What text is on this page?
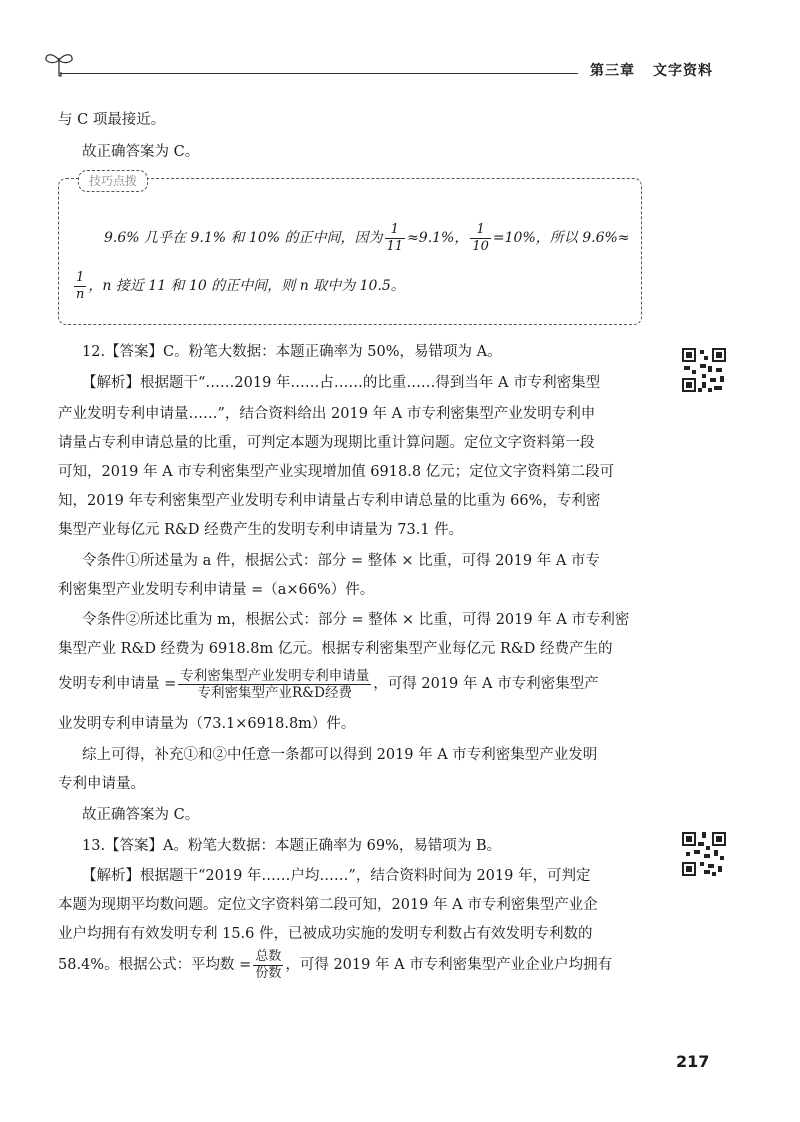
第三章 文字资料
与 C 项最接近。
故正确答案为 C。
技巧点拨
9.6% 几乎在 9.1% 和 10% 的正中间，因为 $\frac{1}{11} \approx 9.1\%$， $\frac{1}{10} =10\%$，所以 9.6%≈
$\frac{1}{n}$ ，n 接近 11 和 10 的正中间，则 n 取中为 10.5。
12.【答案】C。粉笔大数据：本题正确率为 50%，易错项为 A。
【解析】根据题干“……2019 年……占……的比重……得到当年 A 市专利密集型
产业发明专利申请量……”，结合资料给出 2019 年 A 市专利密集型产业发明专利申
请量占专利申请总量的比重，可判定本题为现期比重计算问题。定位文字资料第一段
可知，2019 年 A 市专利密集型产业实现增加值 6918.8 亿元；定位文字资料第二段可
知，2019 年专利密集型产业发明专利申请量占专利申请总量的比重为 66%，专利密
集型产业每亿元 R&D 经费产生的发明专利申请量为 73.1 件。
令条件①所述量为 a 件，根据公式：部分 = 整体 × 比重，可得 2019 年 A 市专
利密集型产业发明专利申请量 =（a×66%）件。
令条件②所述比重为 m，根据公式：部分 = 整体 × 比重，可得 2019 年 A 市专利密
集型产业 R&D 经费为 6918.8m 亿元。根据专利密集型产业每亿元 R&D 经费产生的
发明专利申请量 = $\frac{\text{专利密集型产业发明专利申请量}}{\text{专利密集型产业R\&D经费}}$ ，可得 2019 年 A 市专利密集型产
业发明专利申请量为（73.1×6918.8m）件。
综上可得，补充①和②中任意一条都可以得到 2019 年 A 市专利密集型产业发明
专利申请量。
故正确答案为 C。
13.【答案】A。粉笔大数据：本题正确率为 69%，易错项为 B。
【解析】根据题干“2019 年……户均……”，结合资料时间为 2019 年，可判定
本题为现期平均数问题。定位文字资料第二段可知，2019 年 A 市专利密集型产业企
业户均拥有有效发明专利 15.6 件，已被成功实施的发明专利数占有效发明专利数的
58.4%。根据公式：平均数 = $\frac{\text{总数}}{\text{份数}}$ ，可得 2019 年 A 市专利密集型产业企业户均拥有
217
